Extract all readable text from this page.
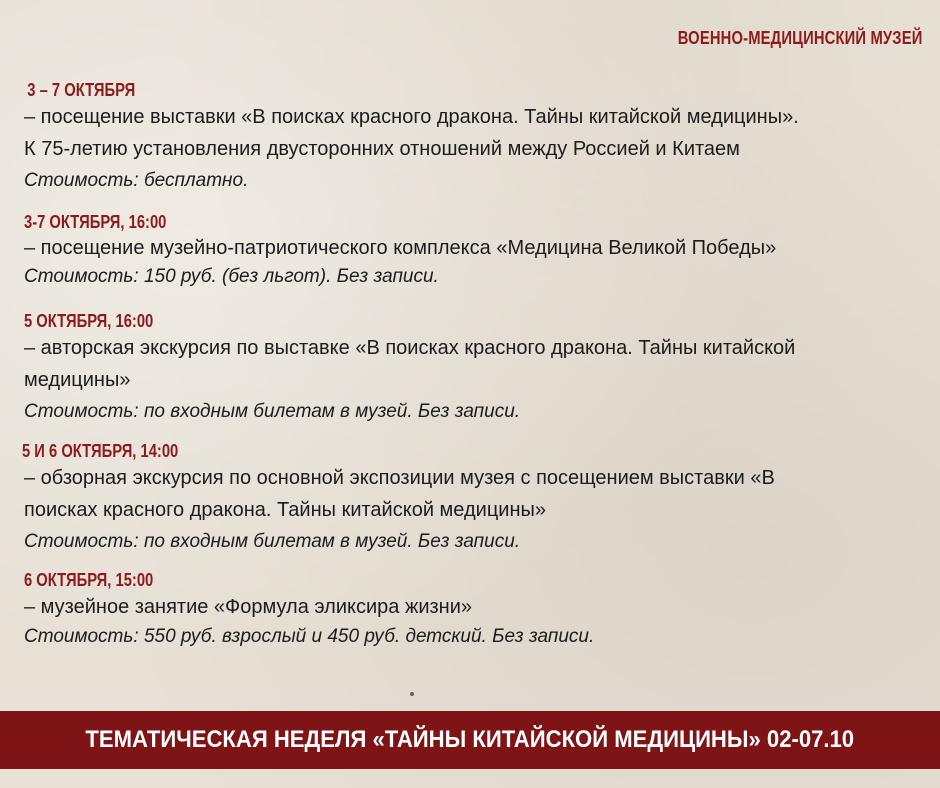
ВОЕННО-МЕДИЦИНСКИЙ МУЗЕЙ
3 – 7 ОКТЯБРЯ
– посещение выставки «В поисках красного дракона. Тайны китайской медицины».
К 75-летию установления двусторонних отношений между Россией и Китаем
Стоимость: бесплатно.
3-7 ОКТЯБРЯ, 16:00
– посещение музейно-патриотического комплекса «Медицина Великой Победы»
Стоимость: 150 руб. (без льгот). Без записи.
5 ОКТЯБРЯ, 16:00
– авторская экскурсия по выставке «В поисках красного дракона. Тайны китайской
медицины»
Стоимость: по входным билетам в музей. Без записи.
5 И 6 ОКТЯБРЯ, 14:00
– обзорная экскурсия по основной экспозиции музея с посещением выставки «В
поисках красного дракона. Тайны китайской медицины»
Стоимость: по входным билетам в музей. Без записи.
6 ОКТЯБРЯ, 15:00
– музейное занятие «Формула эликсира жизни»
Стоимость: 550 руб. взрослый и 450 руб. детский. Без записи.
ТЕМАТИЧЕСКАЯ НЕДЕЛЯ «ТАЙНЫ КИТАЙСКОЙ МЕДИЦИНЫ» 02-07.10
